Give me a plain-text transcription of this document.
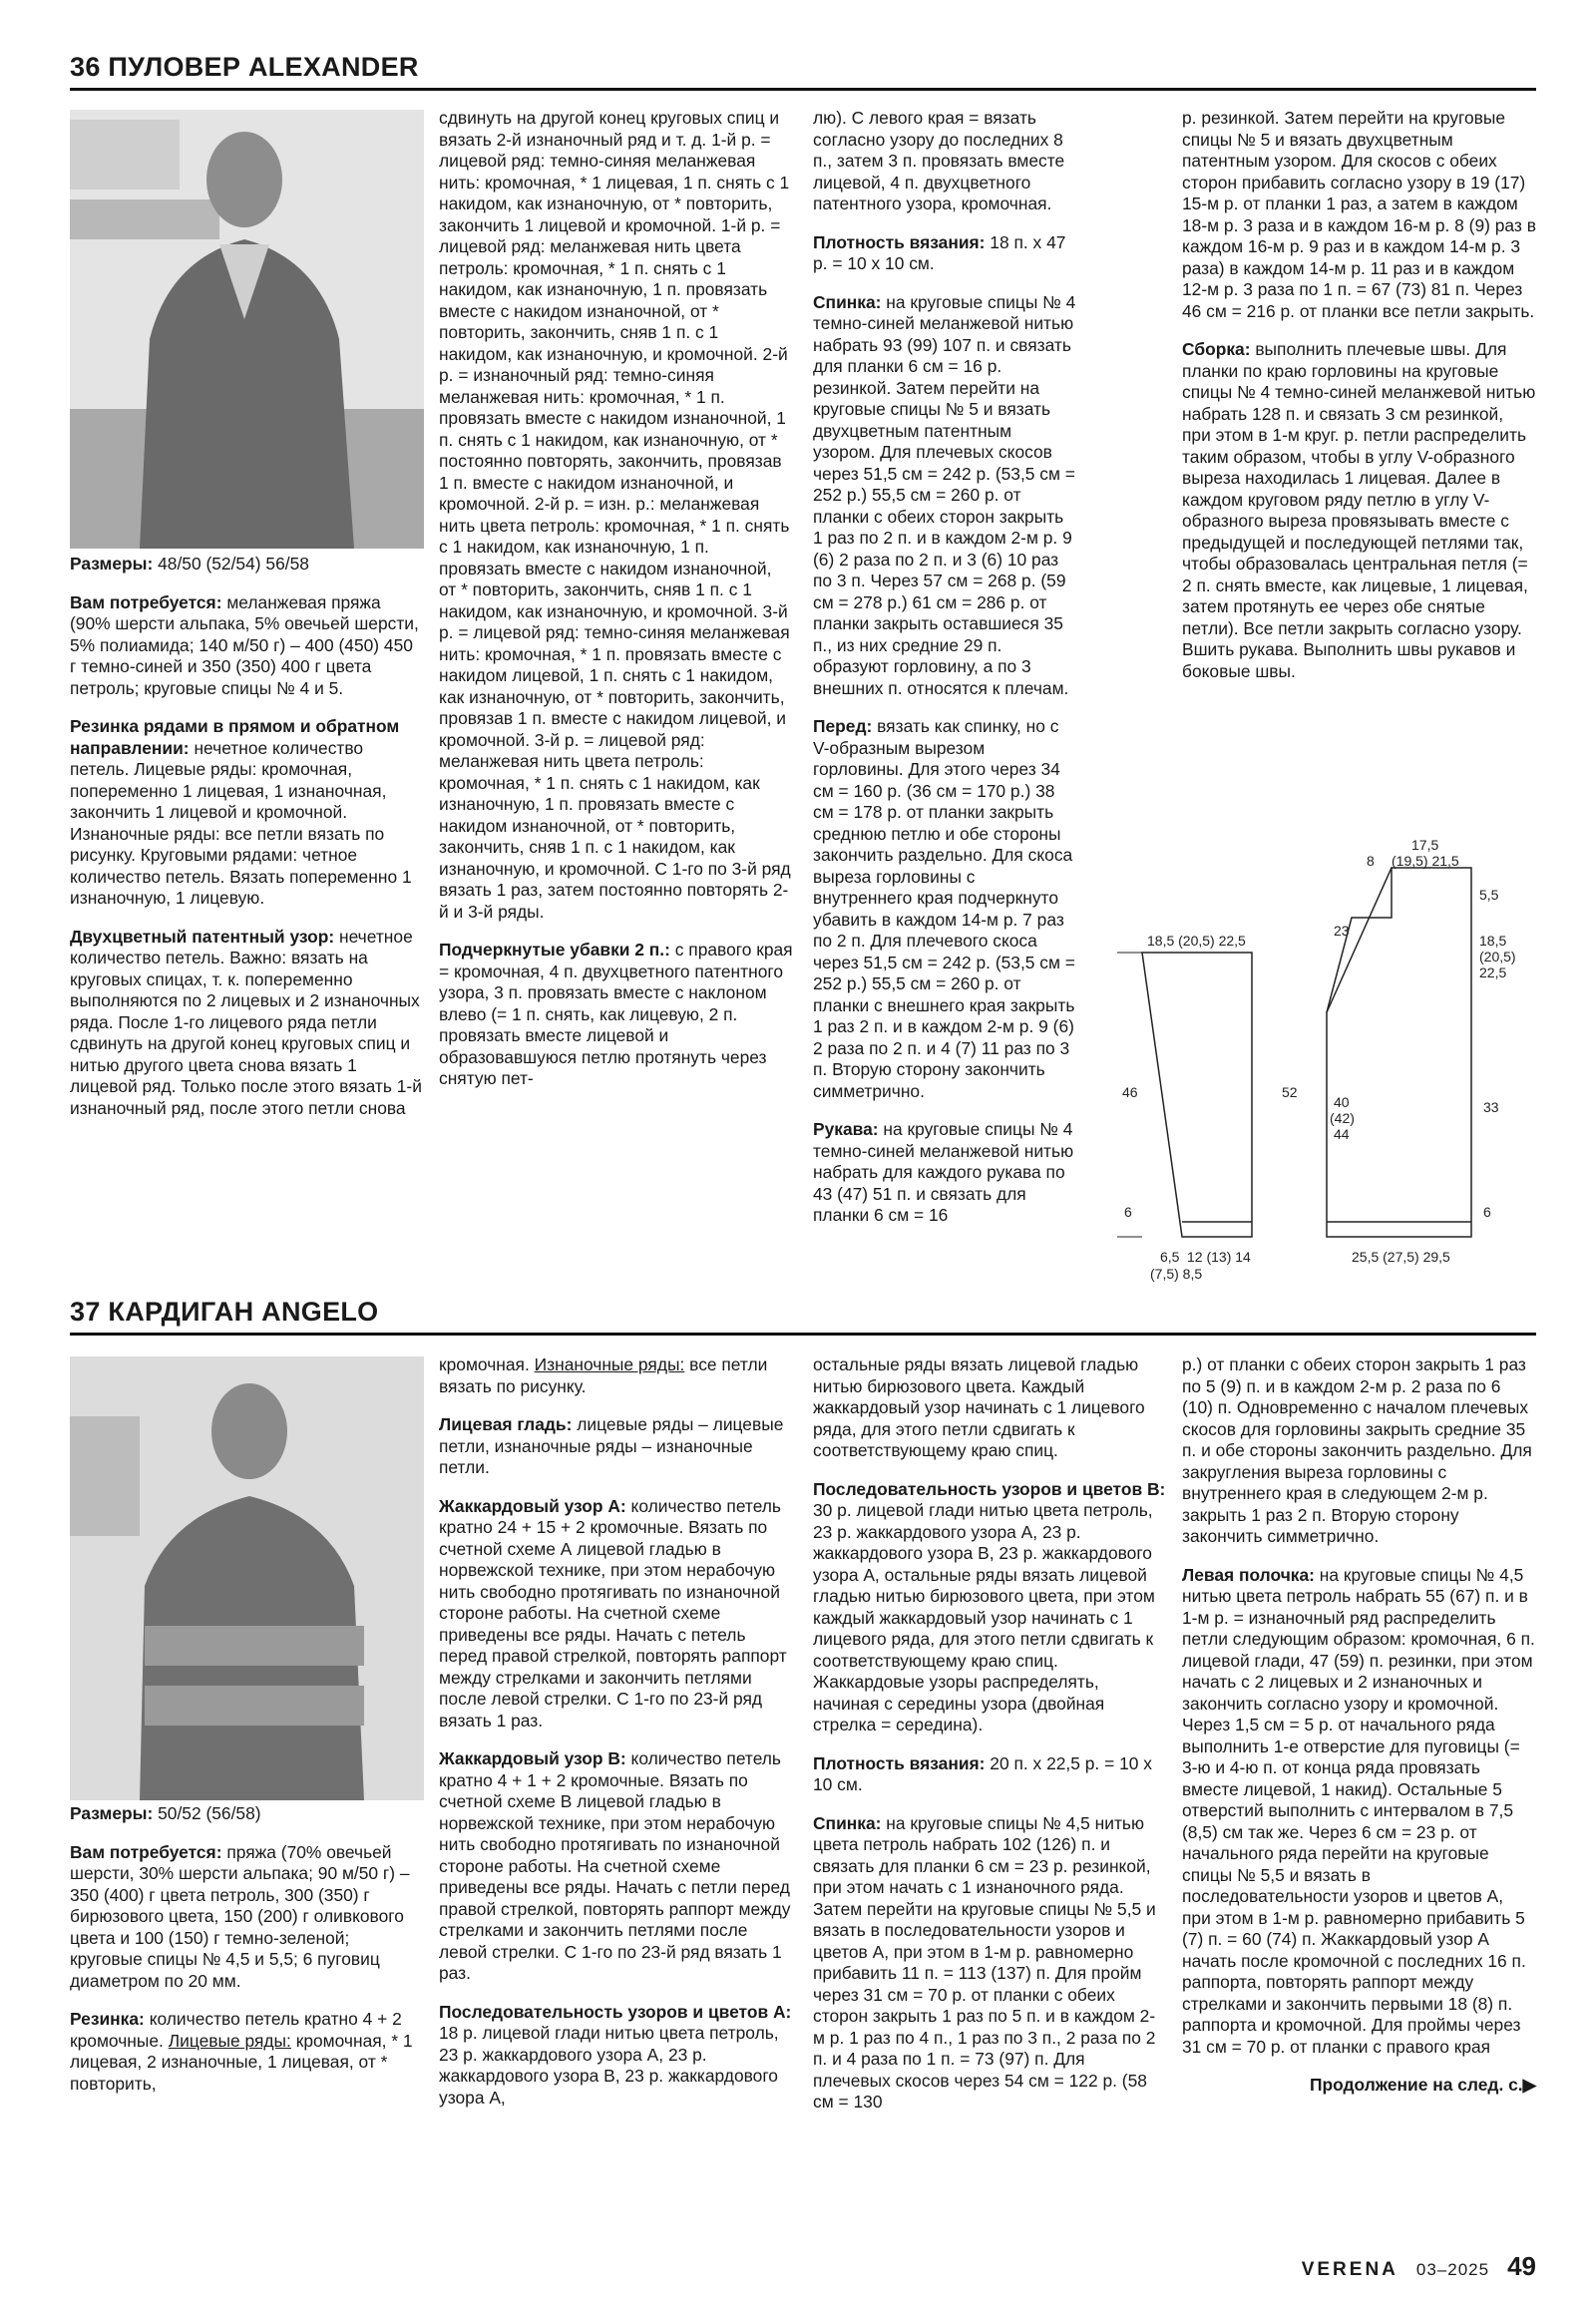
36 ПУЛОВЕР ALEXANDER

Размеры: 48/50 (52/54) 56/58

Вам потребуется: меланжевая пряжа (90% шерсти альпака, 5% овечьей шерсти, 5% полиамида; 140 м/50 г) – 400 (450) 450 г темно-синей и 350 (350) 400 г цвета петроль; круговые спицы № 4 и 5.

Резинка рядами в прямом и обратном направлении: нечетное количество петель. Лицевые ряды: кромочная, попеременно 1 лицевая, 1 изнаночная, закончить 1 лицевой и кромочной. Изнаночные ряды: все петли вязать по рисунку. Круговыми рядами: четное количество петель. Вязать попеременно 1 изнаночную, 1 лицевую.

Двухцветный патентный узор: нечетное количество петель. Важно: вязать на круговых спицах, т. к. попеременно выполняются по 2 лицевых и 2 изнаночных ряда. После 1-го лицевого ряда петли сдвинуть на другой конец круговых спиц и нитью другого цвета снова вязать 1 лицевой ряд. Только после этого вязать 1-й изнаночный ряд, после этого петли снова

сдвинуть на другой конец круговых спиц и вязать 2-й изнаночный ряд и т. д. 1-й р. = лицевой ряд: темно-синяя меланжевая нить: кромочная, * 1 лицевая, 1 п. снять с 1 накидом, как изнаночную, от * повторить, закончить 1 лицевой и кромочной. 1-й р. = лицевой ряд: меланжевая нить цвета петроль: кромочная, * 1 п. снять с 1 накидом, как изнаночную, 1 п. провязать вместе с накидом изнаночной, от * повторить, закончить, сняв 1 п. с 1 накидом, как изнаночную, и кромочной. 2-й р. = изнаночный ряд: темно-синяя меланжевая нить: кромочная, * 1 п. провязать вместе с накидом изнаночной, 1 п. снять с 1 накидом, как изнаночную, от * постоянно повторять, закончить, провязав 1 п. вместе с накидом изнаночной, и кромочной. 2-й р. = изн. р.: меланжевая нить цвета петроль: кромочная, * 1 п. снять с 1 накидом, как изнаночную, 1 п. провязать вместе с накидом изнаночной, от * повторить, закончить, сняв 1 п. с 1 накидом, как изнаночную, и кромочной. 3-й р. = лицевой ряд: темно-синяя меланжевая нить: кромочная, * 1 п. провязать вместе с накидом лицевой, 1 п. снять с 1 накидом, как изнаночную, от * повторить, закончить, провязав 1 п. вместе с накидом лицевой, и кромочной. 3-й р. = лицевой ряд: меланжевая нить цвета петроль: кромочная, * 1 п. снять с 1 накидом, как изнаночную, 1 п. провязать вместе с накидом изнаночной, от * повторить, закончить, сняв 1 п. с 1 накидом, как изнаночную, и кромочной. С 1-го по 3-й ряд вязать 1 раз, затем постоянно повторять 2-й и 3-й ряды.

Подчеркнутые убавки 2 п.: с правого края = кромочная, 4 п. двухцветного патентного узора, 3 п. провязать вместе с наклоном влево (= 1 п. снять, как лицевую, 2 п. провязать вместе лицевой и образовавшуюся петлю протянуть через снятую пет-

лю). С левого края = вязать согласно узору до последних 8 п., затем 3 п. провязать вместе лицевой, 4 п. двухцветного патентного узора, кромочная.

Плотность вязания: 18 п. х 47 р. = 10 х 10 см.

Спинка: на круговые спицы № 4 темно-синей меланжевой нитью набрать 93 (99) 107 п. и связать для планки 6 см = 16 р. резинкой. Затем перейти на круговые спицы № 5 и вязать двухцветным патентным узором. Для плечевых скосов через 51,5 см = 242 р. (53,5 см = 252 р.) 55,5 см = 260 р. от планки с обеих сторон закрыть 1 раз по 2 п. и в каждом 2-м р. 9 (6) 2 раза по 2 п. и 3 (6) 10 раз по 3 п. Через 57 см = 268 р. (59 см = 278 р.) 61 см = 286 р. от планки закрыть оставшиеся 35 п., из них средние 29 п. образуют горловину, а по 3 внешних п. относятся к плечам.

Перед: вязать как спинку, но с V-образным вырезом горловины. Для этого через 34 см = 160 р. (36 см = 170 р.) 38 см = 178 р. от планки закрыть среднюю петлю и обе стороны закончить раздельно. Для скоса выреза горловины с внутреннего края подчеркнуто убавить в каждом 14-м р. 7 раз по 2 п. Для плечевого скоса через 51,5 см = 242 р. (53,5 см = 252 р.) 55,5 см = 260 р. от планки с внешнего края закрыть 1 раз 2 п. и в каждом 2-м р. 9 (6) 2 раза по 2 п. и 4 (7) 11 раз по 3 п. Вторую сторону закончить симметрично.

Рукава: на круговые спицы № 4 темно-синей меланжевой нитью набрать для каждого рукава по 43 (47) 51 п. и связать для планки 6 см = 16

р. резинкой. Затем перейти на круговые спицы № 5 и вязать двухцветным патентным узором. Для скосов с обеих сторон прибавить согласно узору в 19 (17) 15-м р. от планки 1 раз, а затем в каждом 18-м р. 3 раза и в каждом 16-м р. 8 (9) раз в каждом 16-м р. 9 раз и в каждом 14-м р. 3 раза) в каждом 14-м р. 11 раз и в каждом 12-м р. 3 раза по 1 п. = 67 (73) 81 п. Через 46 см = 216 р. от планки все петли закрыть.

Сборка: выполнить плечевые швы. Для планки по краю горловины на круговые спицы № 4 темно-синей меланжевой нитью набрать 128 п. и связать 3 см резинкой, при этом в 1-м круг. р. петли распределить таким образом, чтобы в углу V-образного выреза находилась 1 лицевая. Далее в каждом круговом ряду петлю в углу V-образного выреза провязывать вместе с предыдущей и последующей петлями так, чтобы образовалась центральная петля (= 2 п. снять вместе, как лицевые, 1 лицевая, затем протянуть ее через обе снятые петли). Все петли закрыть согласно узору. Вшить рукава. Выполнить швы рукавов и боковые швы.

18,5 (20,5) 22,5
46
6
6,5
(7,5) 8,5
12 (13) 14
52
17,5
(19,5) 21,5
8
5,5
23
18,5
(20,5)
22,5
40
(42)
44
33
6
25,5 (27,5) 29,5
37 КАРДИГАН ANGELO

Размеры: 50/52 (56/58)

Вам потребуется: пряжа (70% овечьей шерсти, 30% шерсти альпака; 90 м/50 г) – 350 (400) г цвета петроль, 300 (350) г бирюзового цвета, 150 (200) г оливкового цвета и 100 (150) г темно-зеленой; круговые спицы № 4,5 и 5,5; 6 пуговиц диаметром по 20 мм.

Резинка: количество петель кратно 4 + 2 кромочные. Лицевые ряды: кромочная, * 1 лицевая, 2 изнаночные, 1 лицевая, от * повторить,

кромочная. Изнаночные ряды: все петли вязать по рисунку.

Лицевая гладь: лицевые ряды – лицевые петли, изнаночные ряды – изнаночные петли.

Жаккардовый узор А: количество петель кратно 24 + 15 + 2 кромочные. Вязать по счетной схеме А лицевой гладью в норвежской технике, при этом нерабочую нить свободно протягивать по изнаночной стороне работы. На счетной схеме приведены все ряды. Начать с петель перед правой стрелкой, повторять раппорт между стрелками и закончить петлями после левой стрелки. С 1-го по 23-й ряд вязать 1 раз.

Жаккардовый узор В: количество петель кратно 4 + 1 + 2 кромочные. Вязать по счетной схеме В лицевой гладью в норвежской технике, при этом нерабочую нить свободно протягивать по изнаночной стороне работы. На счетной схеме приведены все ряды. Начать с петли перед правой стрелкой, повторять раппорт между стрелками и закончить петлями после левой стрелки. С 1-го по 23-й ряд вязать 1 раз.

Последовательность узоров и цветов А: 18 р. лицевой глади нитью цвета петроль, 23 р. жаккардового узора А, 23 р. жаккардового узора В, 23 р. жаккардового узора А,

остальные ряды вязать лицевой гладью нитью бирюзового цвета. Каждый жаккардовый узор начинать с 1 лицевого ряда, для этого петли сдвигать к соответствующему краю спиц.

Последовательность узоров и цветов В: 30 р. лицевой глади нитью цвета петроль, 23 р. жаккардового узора А, 23 р. жаккардового узора В, 23 р. жаккардового узора А, остальные ряды вязать лицевой гладью нитью бирюзового цвета, при этом каждый жаккардовый узор начинать с 1 лицевого ряда, для этого петли сдвигать к соответствующему краю спиц. Жаккардовые узоры распределять, начиная с середины узора (двойная стрелка = середина).

Плотность вязания: 20 п. х 22,5 р. = 10 х 10 см.

Спинка: на круговые спицы № 4,5 нитью цвета петроль набрать 102 (126) п. и связать для планки 6 см = 23 р. резинкой, при этом начать с 1 изнаночного ряда. Затем перейти на круговые спицы № 5,5 и вязать в последовательности узоров и цветов А, при этом в 1-м р. равномерно прибавить 11 п. = 113 (137) п. Для пройм через 31 см = 70 р. от планки с обеих сторон закрыть 1 раз по 5 п. и в каждом 2-м р. 1 раз по 4 п., 1 раз по 3 п., 2 раза по 2 п. и 4 раза по 1 п. = 73 (97) п. Для плечевых скосов через 54 см = 122 р. (58 см = 130

р.) от планки с обеих сторон закрыть 1 раз по 5 (9) п. и в каждом 2-м р. 2 раза по 6 (10) п. Одновременно с началом плечевых скосов для горловины закрыть средние 35 п. и обе стороны закончить раздельно. Для закругления выреза горловины с внутреннего края в следующем 2-м р. закрыть 1 раз 2 п. Вторую сторону закончить симметрично.

Левая полочка: на круговые спицы № 4,5 нитью цвета петроль набрать 55 (67) п. и в 1-м р. = изнаночный ряд распределить петли следующим образом: кромочная, 6 п. лицевой глади, 47 (59) п. резинки, при этом начать с 2 лицевых и 2 изнаночных и закончить согласно узору и кромочной. Через 1,5 см = 5 р. от начального ряда выполнить 1-е отверстие для пуговицы (= 3-ю и 4-ю п. от конца ряда провязать вместе лицевой, 1 накид). Остальные 5 отверстий выполнить с интервалом в 7,5 (8,5) см так же. Через 6 см = 23 р. от начального ряда перейти на круговые спицы № 5,5 и вязать в последовательности узоров и цветов А, при этом в 1-м р. равномерно прибавить 5 (7) п. = 60 (74) п. Жаккардовый узор А начать после кромочной с последних 16 п. раппорта, повторять раппорт между стрелками и закончить первыми 18 (8) п. раппорта и кромочной. Для проймы через 31 см = 70 р. от планки с правого края

Продолжение на след. с.▶
VERENA 03–2025 49
